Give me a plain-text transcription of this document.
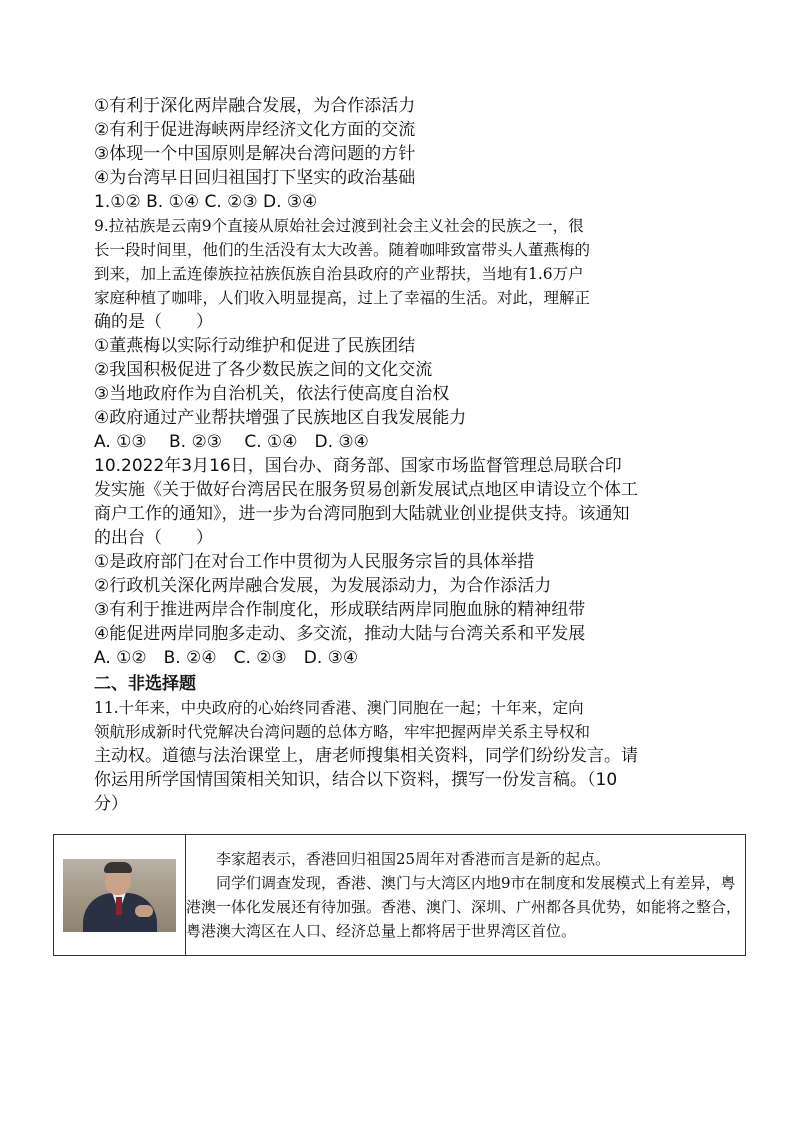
①有利于深化两岸融合发展，为合作添活力
②有利于促进海峡两岸经济文化方面的交流
③体现一个中国原则是解决台湾问题的方针
④为台湾早日回归祖国打下坚实的政治基础
1.①② B. ①④ C. ②③ D. ③④
9.拉祜族是云南9个直接从原始社会过渡到社会主义社会的民族之一，很
长一段时间里，他们的生活没有太大改善。随着咖啡致富带头人董燕梅的
到来，加上孟连傣族拉祜族佤族自治县政府的产业帮扶，当地有1.6万户
家庭种植了咖啡，人们收入明显提高，过上了幸福的生活。对此，理解正
确的是（　　）
①董燕梅以实际行动维护和促进了民族团结
②我国积极促进了各少数民族之间的文化交流
③当地政府作为自治机关，依法行使高度自治权
④政府通过产业帮扶增强了民族地区自我发展能力
A. ①③　 B. ②③　 C. ①④　D. ③④
10.2022年3月16日，国台办、商务部、国家市场监督管理总局联合印
发实施《关于做好台湾居民在服务贸易创新发展试点地区申请设立个体工
商户工作的通知》，进一步为台湾同胞到大陆就业创业提供支持。该通知
的出台（　　）
①是政府部门在对台工作中贯彻为人民服务宗旨的具体举措
②行政机关深化两岸融合发展，为发展添动力，为合作添活力
③有利于推进两岸合作制度化，形成联结两岸同胞血脉的精神纽带
④能促进两岸同胞多走动、多交流，推动大陆与台湾关系和平发展
A. ①②　B. ②④　C. ②③　D. ③④
二、非选择题
11.十年来，中央政府的心始终同香港、澳门同胞在一起；十年来，定向
领航形成新时代党解决台湾问题的总体方略，牢牢把握两岸关系主导权和
主动权。道德与法治课堂上，唐老师搜集相关资料，同学们纷纷发言。请
你运用所学国情国策相关知识，结合以下资料，撰写一份发言稿。（10
分）

李家超表示，香港回归祖国25周年对香港而言是新的起点。

同学们调查发现，香港、澳门与大湾区内地9市在制度和发展模式上有差异，粤港澳一体化发展还有待加强。香港、澳门、深圳、广州都各具优势，如能将之整合，粤港澳大湾区在人口、经济总量上都将居于世界湾区首位。
